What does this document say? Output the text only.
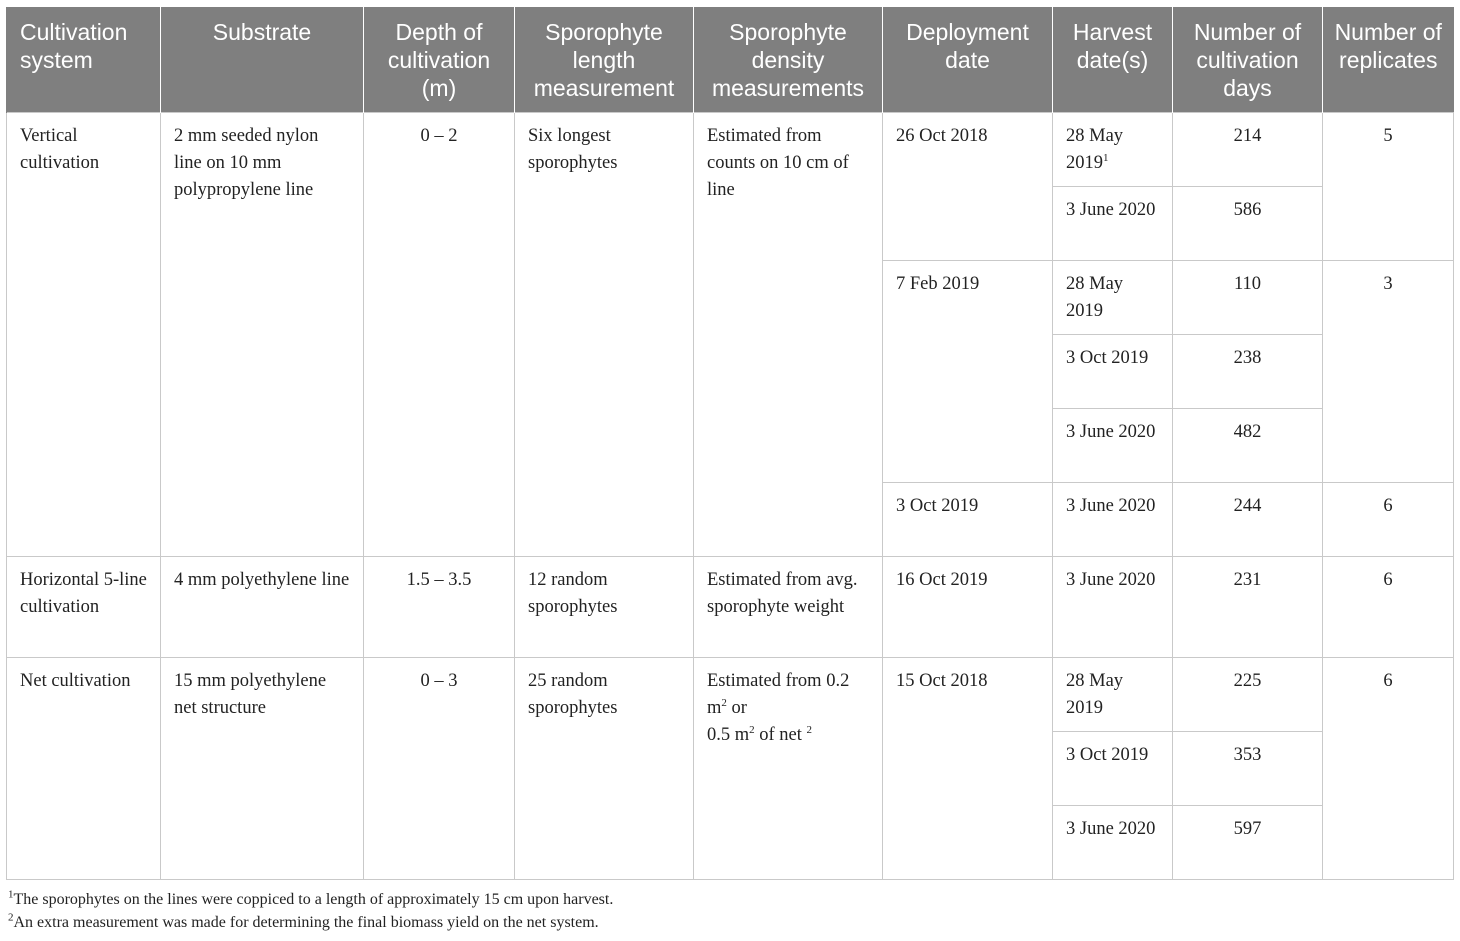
Cultivation system	Substrate	Depth of cultivation (m)	Sporophyte length measurement	Sporophyte density measurements	Deployment date	Harvest date(s)	Number of cultivation days	Number of replicates
Vertical cultivation	2 mm seeded nylon line on 10 mm polypropylene line	0 – 2	Six longest sporophytes	Estimated from counts on 10 cm of line	26 Oct 2018	28 May 2019$^1$	214	5
						3 June 2020	586	
					7 Feb 2019	28 May 2019	110	3
						3 Oct 2019	238	
						3 June 2020	482	
					3 Oct 2019	3 June 2020	244	6
Horizontal 5-line cultivation	4 mm polyethylene line	1.5 – 3.5	12 random sporophytes	Estimated from avg. sporophyte weight	16 Oct 2019	3 June 2020	231	6
Net cultivation	15 mm polyethylene net structure	0 – 3	25 random sporophytes	Estimated from 0.2 $m^2$ or
0.5 $m^2$ of net $^2$	15 Oct 2018	28 May 2019	225	6
						3 Oct 2019	353	
						3 June 2020	597	
$^1$The sporophytes on the lines were coppiced to a length of approximately 15 cm upon harvest.
$^2$An extra measurement was made for determining the final biomass yield on the net system.
